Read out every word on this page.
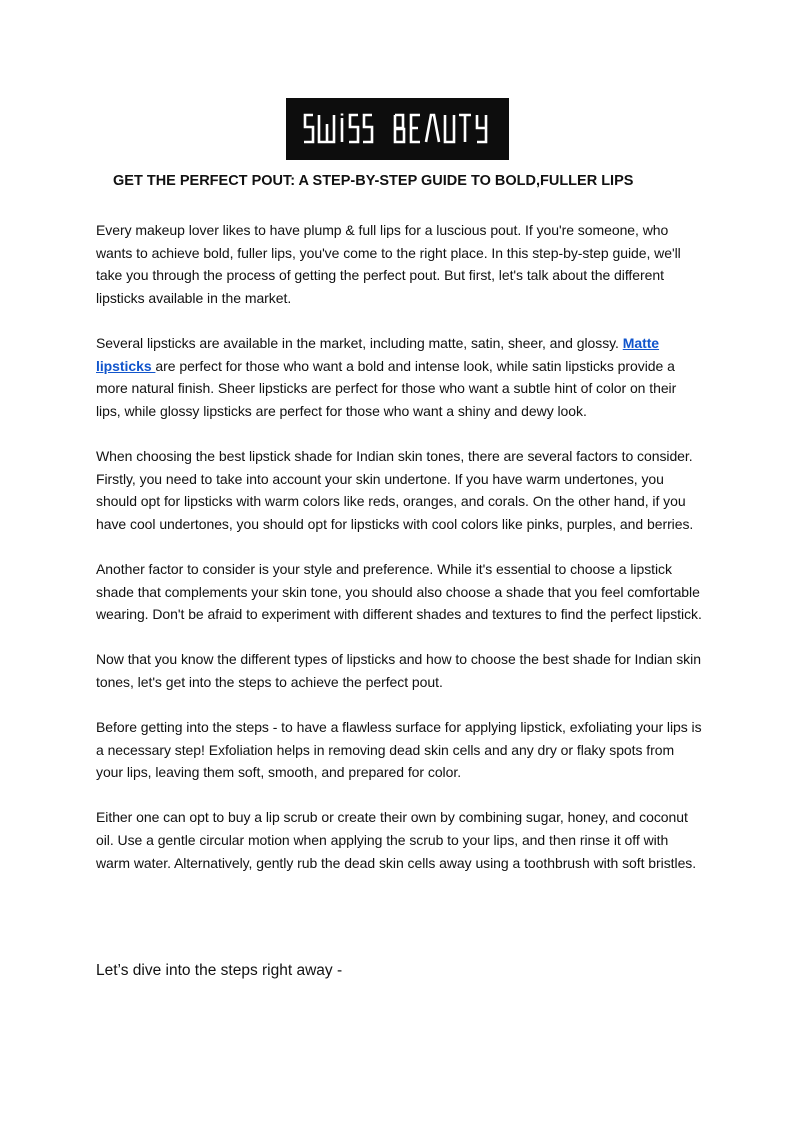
GET THE PERFECT POUT: A STEP-BY-STEP GUIDE TO BOLD,FULLER LIPS

Every makeup lover likes to have plump & full lips for a luscious pout. If you're someone, who wants to achieve bold, fuller lips, you've come to the right place. In this step-by-step guide, we'll take you through the process of getting the perfect pout. But first, let's talk about the different lipsticks available in the market.

Several lipsticks are available in the market, including matte, satin, sheer, and glossy. Matte lipsticks are perfect for those who want a bold and intense look, while satin lipsticks provide a more natural finish. Sheer lipsticks are perfect for those who want a subtle hint of color on their lips, while glossy lipsticks are perfect for those who want a shiny and dewy look.

When choosing the best lipstick shade for Indian skin tones, there are several factors to consider. Firstly, you need to take into account your skin undertone. If you have warm undertones, you should opt for lipsticks with warm colors like reds, oranges, and corals. On the other hand, if you have cool undertones, you should opt for lipsticks with cool colors like pinks, purples, and berries.

Another factor to consider is your style and preference. While it's essential to choose a lipstick shade that complements your skin tone, you should also choose a shade that you feel comfortable wearing. Don't be afraid to experiment with different shades and textures to find the perfect lipstick.

Now that you know the different types of lipsticks and how to choose the best shade for Indian skin tones, let's get into the steps to achieve the perfect pout.

Before getting into the steps - to have a flawless surface for applying lipstick, exfoliating your lips is a necessary step! Exfoliation helps in removing dead skin cells and any dry or flaky spots from your lips, leaving them soft, smooth, and prepared for color.

Either one can opt to buy a lip scrub or create their own by combining sugar, honey, and coconut oil. Use a gentle circular motion when applying the scrub to your lips, and then rinse it off with warm water. Alternatively, gently rub the dead skin cells away using a toothbrush with soft bristles.

Let’s dive into the steps right away -
